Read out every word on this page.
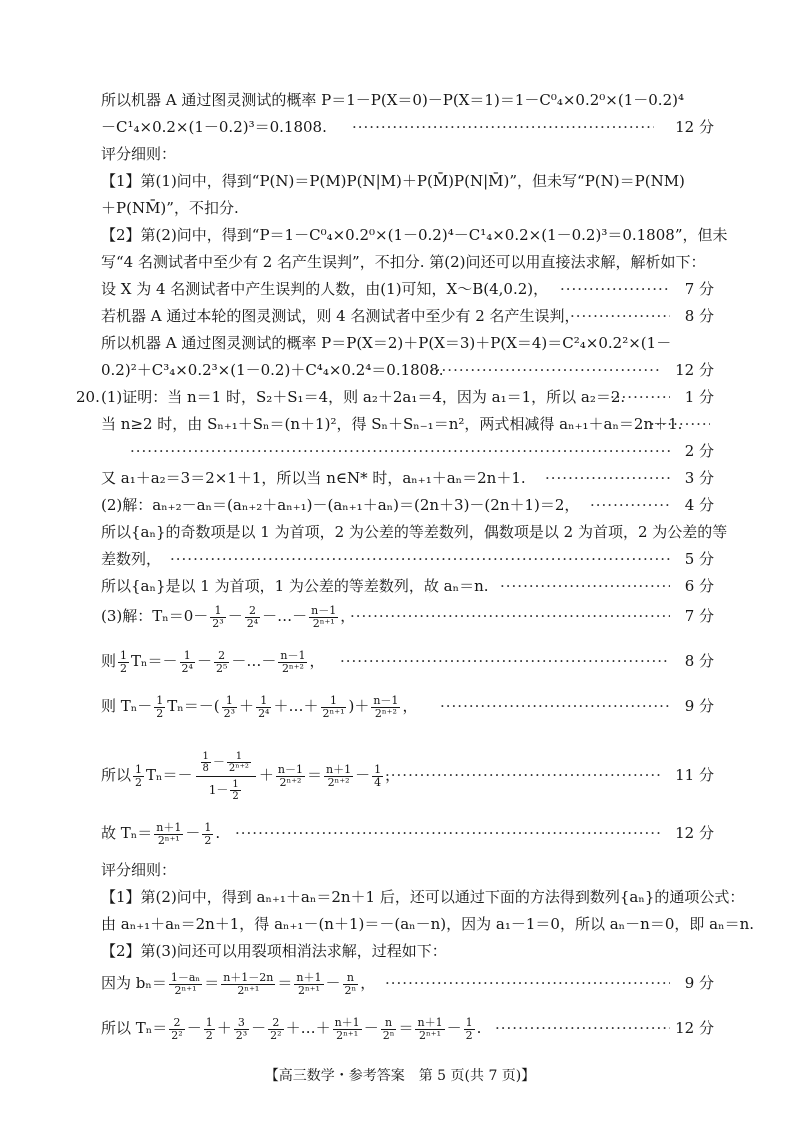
所以机器 A 通过图灵测试的概率 P＝1－P(X＝0)－P(X＝1)＝1－C⁰₄×0.2⁰×(1－0.2)⁴
－C¹₄×0.2×(1－0.2)³＝0.1808. ·····	12 分
评分细则：
【1】第(1)问中，得到“P(N)＝P(M)P(N|M)＋P(M̄)P(N|M̄)”，但未写“P(N)＝P(NM)
＋P(NM̄)”，不扣分.
【2】第(2)问中，得到“P＝1－C⁰₄×0.2⁰×(1－0.2)⁴－C¹₄×0.2×(1－0.2)³＝0.1808”，但未
写“4 名测试者中至少有 2 名产生误判”，不扣分. 第(2)问还可以用直接法求解，解析如下：
设 X 为 4 名测试者中产生误判的人数，由(1)可知，X～B(4,0.2)， ·····	7 分
若机器 A 通过本轮的图灵测试，则 4 名测试者中至少有 2 名产生误判， ·····	8 分
所以机器 A 通过图灵测试的概率 P＝P(X＝2)＋P(X＝3)＋P(X＝4)＝C²₄×0.2²×(1－
0.2)²＋C³₄×0.2³×(1－0.2)＋C⁴₄×0.2⁴＝0.1808. ·····	12 分
20. (1)证明：当 n＝1 时，S₂＋S₁＝4，则 a₂＋2a₁＝4，因为 a₁＝1，所以 a₂＝2. ·····	1 分
当 n≥2 时，由 Sₙ₊₁＋Sₙ＝(n＋1)²，得 Sₙ＋Sₙ₋₁＝n²，两式相减得 aₙ₊₁＋aₙ＝2n＋1.
·····
·····
2 分
又 a₁＋a₂＝3＝2×1＋1，所以当 n∈N* 时，aₙ₊₁＋aₙ＝2n＋1. ·····	3 分
(2)解：aₙ₊₂－aₙ＝(aₙ₊₂＋aₙ₊₁)－(aₙ₊₁＋aₙ)＝(2n＋3)－(2n＋1)＝2， ·····	4 分
所以{aₙ}的奇数项是以 1 为首项，2 为公差的等差数列，偶数项是以 2 为首项，2 为公差的等
差数列， ·····	5 分
所以{aₙ}是以 1 为首项，1 为公差的等差数列，故 aₙ＝n. ·····	6 分
(3)解：$T_n=0- \frac{1}{\text{2³}} - \frac{2}{\text{2⁴}}$ －…－ $\frac{n-1}{\text{2ⁿ⁺¹}}$ ， ·····	7 分
则 $\frac{1}{2} T_n=- \frac{1}{\text{2⁴}} - \frac{2}{\text{2⁵}}$ －…－ $\frac{n-1}{\text{2ⁿ⁺²}}$ ， ·····	8 分
则 $T_n- \frac{1}{2} T_n=-( \frac{1}{\text{2³}} + \frac{1}{\text{2⁴}}$ ＋…＋ $\frac{1}{\text{2ⁿ⁺¹}}$ )＋ $\frac{n-1}{\text{2ⁿ⁺²}}$ ， ·····	9 分
所以 $\frac{1}{2} T_n=- \frac{\frac{1}{8} - \frac{1}{\text{2ⁿ⁺²}}}{1- \frac{1}{2}} + \frac{n-1}{\text{2ⁿ⁺²}} = \frac{n+1}{\text{2ⁿ⁺²}} - \frac{1}{4}$ ， ·····	11 分
故 $T_n= \frac{n+1}{\text{2ⁿ⁺¹}} - \frac{1}{2}$ . ·····	12 分
评分细则：
【1】第(2)问中，得到 aₙ₊₁＋aₙ＝2n＋1 后，还可以通过下面的方法得到数列{aₙ}的通项公式：
由 aₙ₊₁＋aₙ＝2n＋1，得 aₙ₊₁－(n＋1)＝－(aₙ－n)，因为 a₁－1＝0，所以 aₙ－n＝0，即 aₙ＝n.
【2】第(3)问还可以用裂项相消法求解，过程如下：
因为 $b_n= \frac{\text{1－aₙ}}{\text{2ⁿ⁺¹}} = \frac{n+1-2n}{\text{2ⁿ⁺¹}} = \frac{n+1}{\text{2ⁿ⁺¹}} - \frac{n}{\text{2ⁿ}}$ ， ·····	9 分
所以 $T_n= \frac{2}{\text{2²}} - \frac{1}{2} + \frac{3}{\text{2³}} - \frac{2}{\text{2²}}$ ＋…＋ $\frac{n+1}{\text{2ⁿ⁺¹}} - \frac{n}{\text{2ⁿ}} = \frac{n+1}{\text{2ⁿ⁺¹}} - \frac{1}{2}$ . ·····	12 分
【高三数学・参考答案　第 5 页(共 7 页)】
